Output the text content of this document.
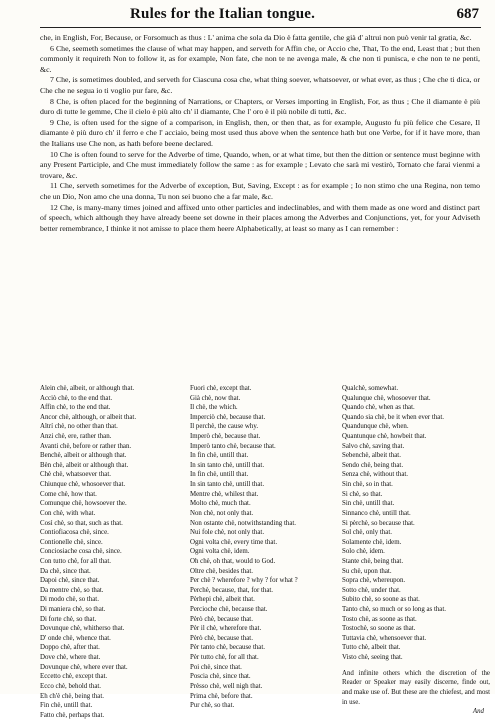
Rules for the Italian tongue.	687

che, in English, For, Because, or Forsomuch as thus : L' anima che sola da Dio è fatta gentile, che già d' altrui non può venir tal gratia, &c.

6 Che, seemeth sometimes the clause of what may happen, and serveth for Affin che, or Accio che, That, To the end, Least that ; but then commonly it requireth Non to follow it, as for example, Non fate, che non te ne avenga male, & che non ti punisca, e che non te ne penti, &c.

7 Che, is sometimes doubled, and serveth for Ciascuna cosa che, what thing soever, whatsoever, or what ever, as thus ; Che che ti dica, or Che che ne segua io ti voglio pur fare, &c.

8 Che, is often placed for the beginning of Narrations, or Chapters, or Verses importing in English, For, as thus ; Che il diamante è più duro di tutte le gemme, Che il cielo è più alto ch' il diamante, Che l' oro è il più nobile di tutti, &c.

9 Che, is often used for the signe of a comparison, in English, then, or then that, as for example, Augusto fu più felice che Cesare, Il diamante è più duro ch' il ferro e che l' acciaio, being most used thus above when the sentence hath but one Verbe, for if it have more, than the Italians use Che non, as hath before beene declared.

10 Che is often found to serve for the Adverbe of time, Quando, when, or at what time, but then the dittion or sentence must beginne with any Present Participle, and Che must immediately follow the same : as for example ; Levato che sarà mi vestirò, Tornato che farai vienmi a trovare, &c.

11 Che, serveth sometimes for the Adverbe of exception, But, Saving, Except : as for example ; Io non stimo che una Regina, non temo che un Dio, Non amo che una donna, Tu non sei buono che a far male, &c.

12 Che, is many-many times joined and affixed unto other particles and indeclinables, and with them made as one word and distinct part of speech, which although they have already beene set downe in their places among the Adverbes and Conjunctions, yet, for your Adviseth better remembrance, I thinke it not amisse to place them heere Alphabetically, at least so many as I can remember :

Alein chè, albeit, or although that.
Acciò chè, to the end that.
Affin chè, to the end that.
Ancor chè, although, or albeit that.
Altrí chè, no other than that.
Anzi chè, ere, rather than.
Avanti chè, before or rather than.
Benchè, albeit or although that.
Bèn chè, albeit or although that.
Chè chè, whatsoever that.
Chiunque chè, whosoever that.
Come chè, how that.
Comunque chè, howsoever the.
Con chè, with what.
Così chè, so that, such as that.
Contiofiacosa chè, since.
Contionelle chè, since.
Conciosiache cosa chè, since.
Con tutto chè, for all that.
Da chè, since that.
Dapoi chè, since that.
Da mentre chè, so that.
Di modo chè, so that.
Di maniera chè, so that.
Di forte chè, so that.
Dovunque chè, whitherso that.
D' onde chè, whence that.
Doppo chè, after that.
Dove chè, where that.
Dovunque chè, where ever that.
Eccetto chè, except that.
Ecco chè, behold that.
Eh ch'è chè, being that.
Fin chè, untill that.
Fatto chè, perhaps that.
Fuori chè, except that.
Già chè, now that.
Il chè, the which.
Imperciò chè, because that.
Il perchè, the cause why.
Imperò chè, because that.
Imperò tanto chè, because that.
In fin chè, untill that.
In sin tanto chè, untill that.
In fin chè, untill that.
In sin tanto chè, untill that.
Mentre chè, whilest that.
Molto chè, much that.
Non chè, not only that.
Non ostante chè, notwithstanding that.
Nui fole chè, not only that.
Ogni volta chè, every time that.
Ogni volta chè, idem.
Oh chè, oh that, would to God.
Oltre chè, besides that.
Per chè ? wherefore ? why ? for what ?
Perchè, because, that, for that.
Pèrhepi chè, albeit that.
Percioche chè, because that.
Pèrò chè, because that.
Pèr il chè, wherefore that.
Pèrò chè, because that.
Pèr tanto chè, because that.
Pèr tutto chè, for all that.
Poi chè, since that.
Poscia chè, since that.
Prèsso chè, well nigh that.
Prima chè, before that.
Pur chè, so that.
Qualchè, somewhat.
Qualunque chè, whosoever that.
Quando chè, when as that.
Quando sia chè, be it when ever that.
Quandunque chè, when.
Quantunque chè, howbeit that.
Salvo chè, saving that.
Sebenchè, albeit that.
Sendo chè, being that.
Senza chè, without that.
Sin chè, so in that.
Si chè, so that.
Sin chè, untill that.
Sinnanco chè, untill that.
Si pèrchè, so because that.
Sol chè, only that.
Solamente chè, idem.
Solo chè, idem.
Stante chè, being that.
Su chè, upon that.
Sopra chè, whereupon.
Sotto chè, under that.
Subito chè, so soone as that.
Tanto chè, so much or so long as that.
Tosto chè, as soone as that.
Tostochè, so soone as that.
Tuttavia chè, whensoever that.
Tutto chè, albeit that.
Visto chè, seeing that.

And infinite others which the discretion of the Reader or Speaker may easily discerne, finde out, and make use of. But these are the chiefest, and most in use.

And
